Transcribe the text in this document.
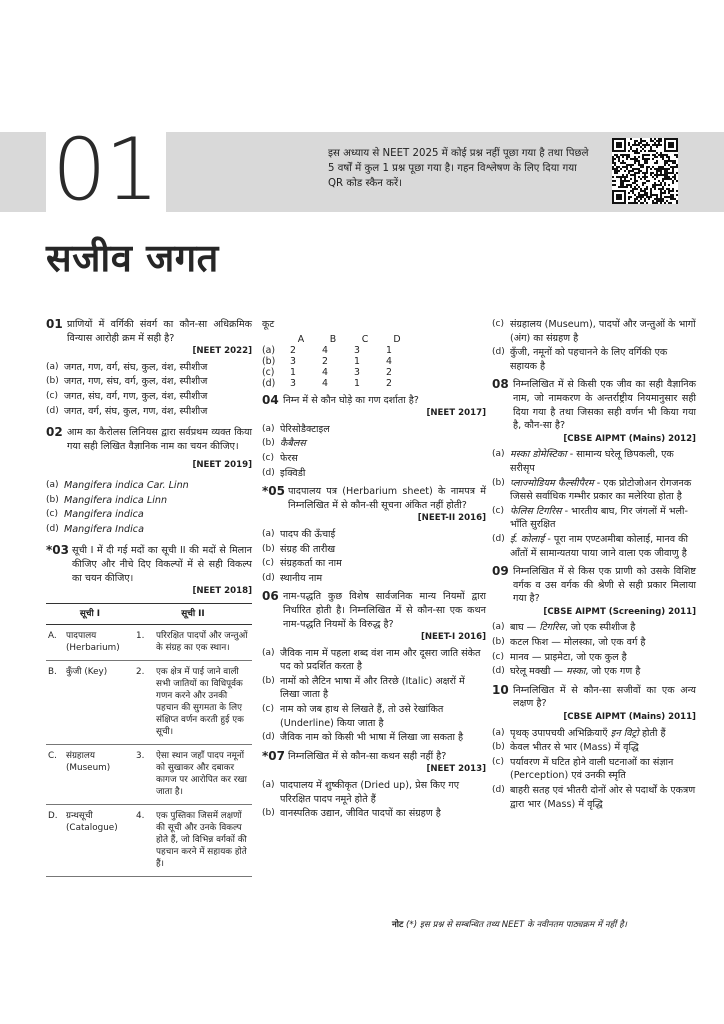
01	इस अध्याय से NEET 2025 में कोई प्रश्न नहीं पूछा गया है तथा पिछले 5 वर्षों में कुल 1 प्रश्न पूछा गया है। गहन विश्लेषण के लिए दिया गया QR कोड स्कैन करें।
सजीव जगत
01 प्राणियों में वर्गिकी संवर्ग का कौन-सा अधिक्रमिक विन्यास आरोही क्रम में सही है?
[NEET 2022]
(a) जगत, गण, वर्ग, संघ, कुल, वंश, स्पीशीज
(b) जगत, गण, संघ, वर्ग, कुल, वंश, स्पीशीज
(c) जगत, संघ, वर्ग, गण, कुल, वंश, स्पीशीज
(d) जगत, वर्ग, संघ, कुल, गण, वंश, स्पीशीज
02 आम का कैरोलस लिनियस द्वारा सर्वप्रथम व्यक्त किया गया सही लिखित वैज्ञानिक नाम का चयन कीजिए।
[NEET 2019]
(a) Mangifera indica Car. Linn
(b) Mangifera indica Linn
(c) Mangifera indica
(d) Mangifera Indica
*03 सूची I में दी गई मदों का सूची II की मदों से मिलान कीजिए और नीचे दिए विकल्पों में से सही विकल्प का चयन कीजिए।
[NEET 2018]
सूची I		सूची II	
A.	पादपालय (Herbarium)	1.	परिरक्षित पादपों और जन्तुओं के संग्रह का एक स्थान।
B.	कुँजी (Key)	2.	एक क्षेत्र में पाई जाने वाली सभी जातियों का विधिपूर्वक गणन करने और उनकी पहचान की सुगमता के लिए संक्षिप्त वर्णन करती हुई एक सूची।
C.	संग्रहालय (Museum)	3.	ऐसा स्थान जहाँ पादप नमूनों को सुखाकर और दबाकर कागज पर आरोपित कर रखा जाता है।
D.	ग्रन्थसूची (Catalogue)	4.	एक पुस्तिका जिसमें लक्षणों की सूची और उनके विकल्प होते हैं, जो विभिन्न वर्गकों की पहचान करने में सहायक होते हैं।
कूट
	A	B	C	D
(a)	2	4	3	1
(b)	3	2	1	4
(c)	1	4	3	2
(d)	3	4	1	2
04 निम्न में से कौन घोड़े का गण दर्शाता है?
[NEET 2017]
(a) पेरिसोडैक्टाइल
(b) कैबैलस
(c) फेरस
(d) इक्विडी
*05 पादपालय पत्र (Herbarium sheet) के नामपत्र में निम्नलिखित में से कौन-सी सूचना अंकित नहीं होती?
[NEET-II 2016]
(a) पादप की ऊँचाई
(b) संग्रह की तारीख
(c) संग्रहकर्ता का नाम
(d) स्थानीय नाम
06 नाम-पद्धति कुछ विशेष सार्वजनिक मान्य नियमों द्वारा निर्धारित होती है। निम्नलिखित में से कौन-सा एक कथन नाम-पद्धति नियमों के विरुद्ध है?
[NEET-I 2016]
(a) जैविक नाम में पहला शब्द वंश नाम और दूसरा जाति संकेत पद को प्रदर्शित करता है
(b) नामों को लैटिन भाषा में और तिरछे (Italic) अक्षरों में लिखा जाता है
(c) नाम को जब हाथ से लिखते हैं, तो उसे रेखांकित (Underline) किया जाता है
(d) जैविक नाम को किसी भी भाषा में लिखा जा सकता है
*07 निम्नलिखित में से कौन-सा कथन सही नहीं है?
[NEET 2013]
(a) पादपालय में शुष्कीकृत (Dried up), प्रेस किए गए परिरक्षित पादप नमूने होते हैं
(b) वानस्पतिक उद्यान, जीवित पादपों का संग्रहण है
(c) संग्रहालय (Museum), पादपों और जन्तुओं के भागों (अंग) का संग्रहण है
(d) कुँजी, नमूनों को पहचानने के लिए वर्गिकी एक सहायक है
08 निम्नलिखित में से किसी एक जीव का सही वैज्ञानिक नाम, जो नामकरण के अन्तर्राष्ट्रीय नियमानुसार सही दिया गया है तथा जिसका सही वर्णन भी किया गया है, कौन-सा है?
[CBSE AIPMT (Mains) 2012]
(a) मस्का डोमेस्टिका - सामान्य घरेलू छिपकली, एक सरीसृप
(b) प्लाज्मोडियम फैल्सीपैरम - एक प्रोटोजोअन रोगजनक जिससे सर्वाधिक गम्भीर प्रकार का मलेरिया होता है
(c) फेलिस टिगरिस - भारतीय बाघ, गिर जंगलों में भली-भाँति सुरक्षित
(d) ई. कोलाई - पूरा नाम एण्टअमीबा कोलाई, मानव की आँतों में सामान्यतया पाया जाने वाला एक जीवाणु है
09 निम्नलिखित में से किस एक प्राणी को उसके विशिष्ट वर्गक व उस वर्गक की श्रेणी से सही प्रकार मिलाया गया है?
[CBSE AIPMT (Screening) 2011]
(a) बाघ — टिगरिस, जो एक स्पीशीज है
(b) कटल फिश — मोलस्का, जो एक वर्ग है
(c) मानव — प्राइमेटा, जो एक कुल है
(d) घरेलू मक्खी — मस्का, जो एक गण है
10 निम्नलिखित में से कौन-सा सजीवों का एक अन्य लक्षण है?
[CBSE AIPMT (Mains) 2011]
(a) पृथक् उपापचयी अभिक्रियाएँ इन विट्रो होती हैं
(b) केवल भीतर से भार (Mass) में वृद्धि
(c) पर्यावरण में घटित होने वाली घटनाओं का संज्ञान (Perception) एवं उनकी स्मृति
(d) बाहरी सतह एवं भीतरी दोनों ओर से पदार्थों के एकत्रण द्वारा भार (Mass) में वृद्धि
नोट (*) इस प्रश्न से सम्बन्धित तथ्य NEET के नवीनतम पाठ्यक्रम में नहीं है।
